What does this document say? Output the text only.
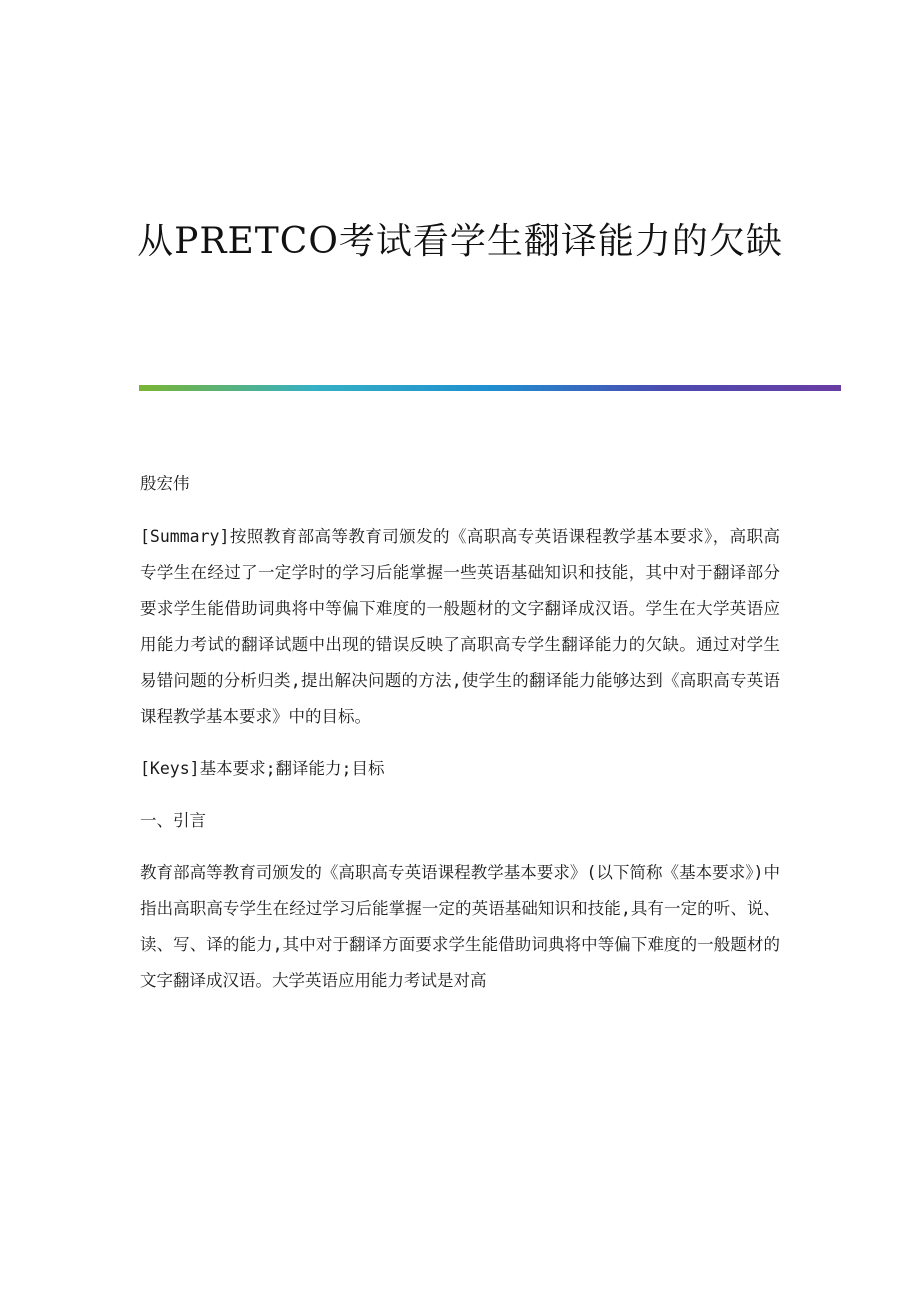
从PRETCO考试看学生翻译能力的欠缺

殷宏伟

[Summary]按照教育部高等教育司颁发的《高职高专英语课程教学基本要求》，高职高专学生在经过了一定学时的学习后能掌握一些英语基础知识和技能，其中对于翻译部分要求学生能借助词典将中等偏下难度的一般题材的文字翻译成汉语。学生在大学英语应用能力考试的翻译试题中出现的错误反映了高职高专学生翻译能力的欠缺。通过对学生易错问题的分析归类,提出解决问题的方法,使学生的翻译能力能够达到《高职高专英语课程教学基本要求》中的目标。

[Keys]基本要求;翻译能力;目标

一、引言

教育部高等教育司颁发的《高职高专英语课程教学基本要求》(以下简称《基本要求》)中指出高职高专学生在经过学习后能掌握一定的英语基础知识和技能,具有一定的听、说、读、写、译的能力,其中对于翻译方面要求学生能借助词典将中等偏下难度的一般题材的文字翻译成汉语。大学英语应用能力考试是对高
